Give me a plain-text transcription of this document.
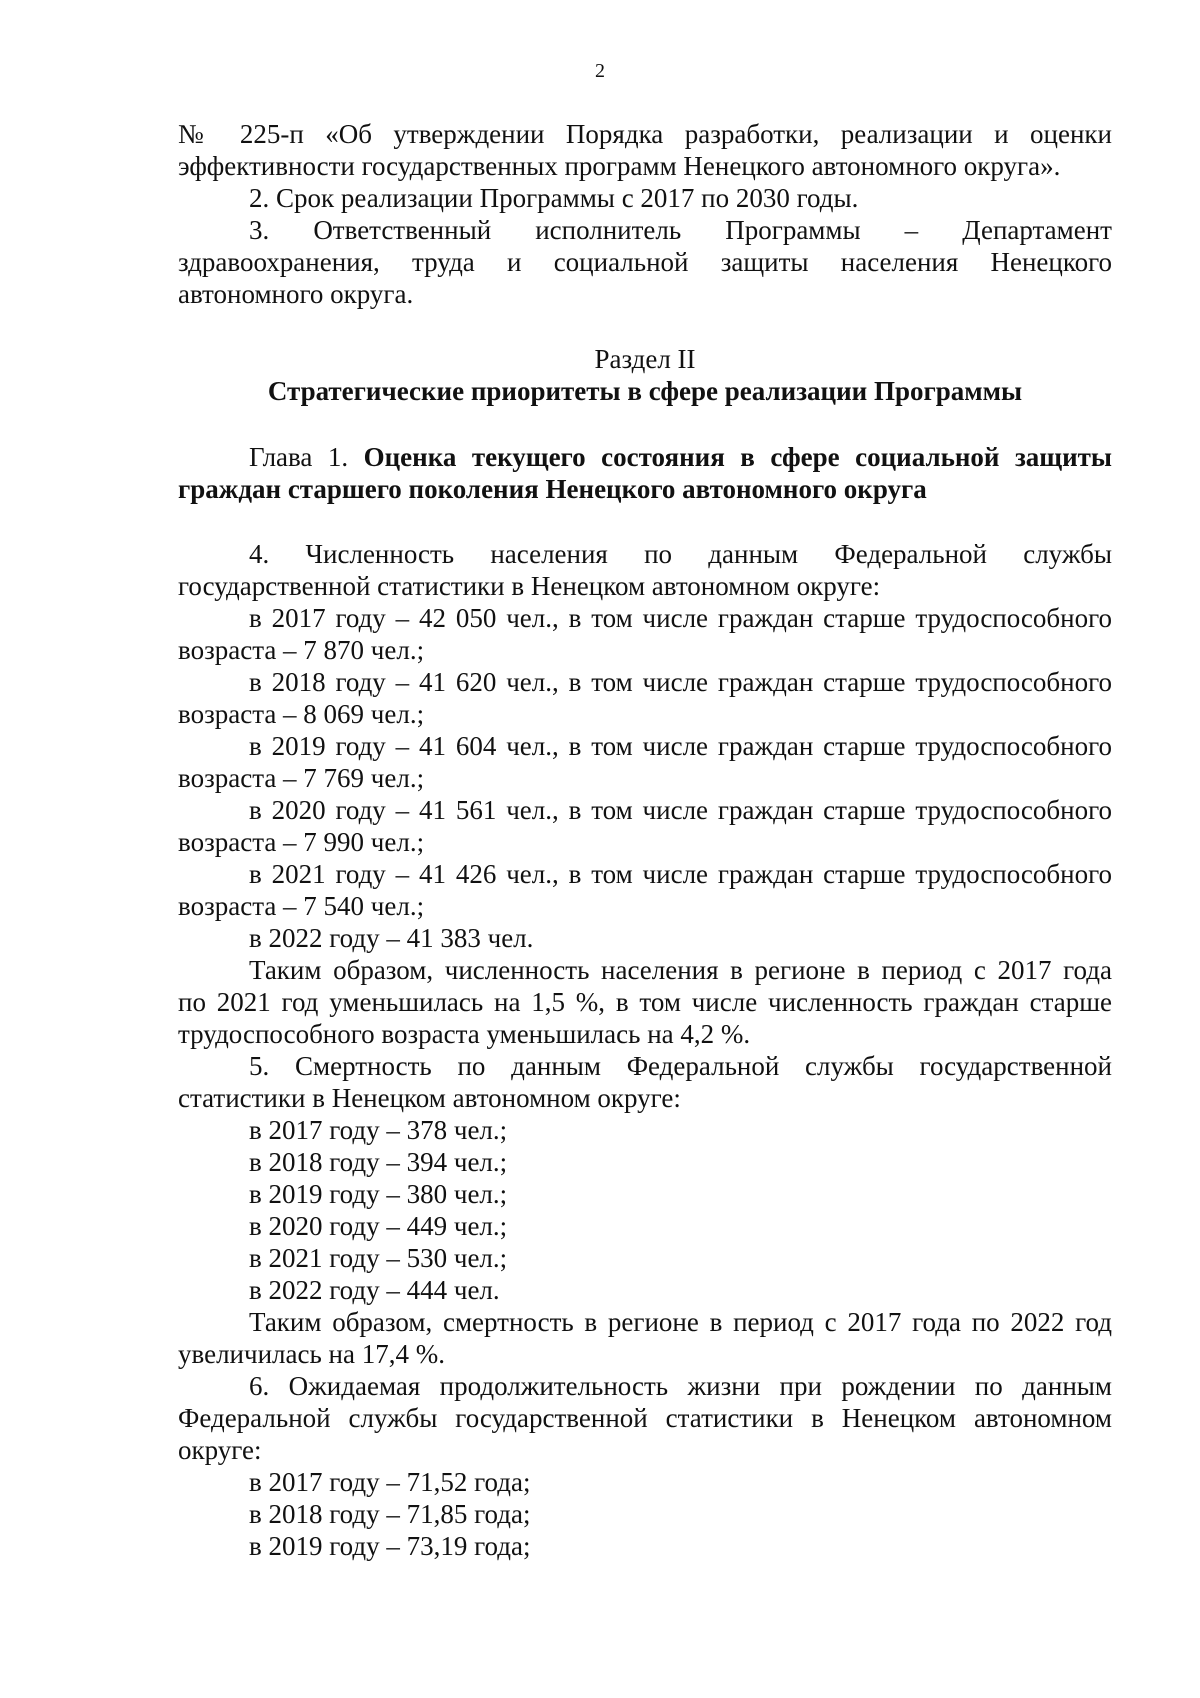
2
№ 225-п «Об утверждении Порядка разработки, реализации и оценки
эффективности государственных программ Ненецкого автономного округа».
2. Срок реализации Программы с 2017 по 2030 годы.
3. Ответственный исполнитель Программы – Департамент
здравоохранения, труда и социальной защиты населения Ненецкого
автономного округа.
Раздел II
Стратегические приоритеты в сфере реализации Программы
Глава 1. Оценка текущего состояния в сфере социальной защиты
граждан старшего поколения Ненецкого автономного округа
4. Численность населения по данным Федеральной службы
государственной статистики в Ненецком автономном округе:
в 2017 году – 42 050 чел., в том числе граждан старше трудоспособного
возраста – 7 870 чел.;
в 2018 году – 41 620 чел., в том числе граждан старше трудоспособного
возраста – 8 069 чел.;
в 2019 году – 41 604 чел., в том числе граждан старше трудоспособного
возраста – 7 769 чел.;
в 2020 году – 41 561 чел., в том числе граждан старше трудоспособного
возраста – 7 990 чел.;
в 2021 году – 41 426 чел., в том числе граждан старше трудоспособного
возраста – 7 540 чел.;
в 2022 году – 41 383 чел.
Таким образом, численность населения в регионе в период с 2017 года
по 2021 год уменьшилась на 1,5 %, в том числе численность граждан старше
трудоспособного возраста уменьшилась на 4,2 %.
5. Смертность по данным Федеральной службы государственной
статистики в Ненецком автономном округе:
в 2017 году – 378 чел.;
в 2018 году – 394 чел.;
в 2019 году – 380 чел.;
в 2020 году – 449 чел.;
в 2021 году – 530 чел.;
в 2022 году – 444 чел.
Таким образом, смертность в регионе в период с 2017 года по 2022 год
увеличилась на 17,4 %.
6. Ожидаемая продолжительность жизни при рождении по данным
Федеральной службы государственной статистики в Ненецком автономном
округе:
в 2017 году – 71,52 года;
в 2018 году – 71,85 года;
в 2019 году – 73,19 года;
